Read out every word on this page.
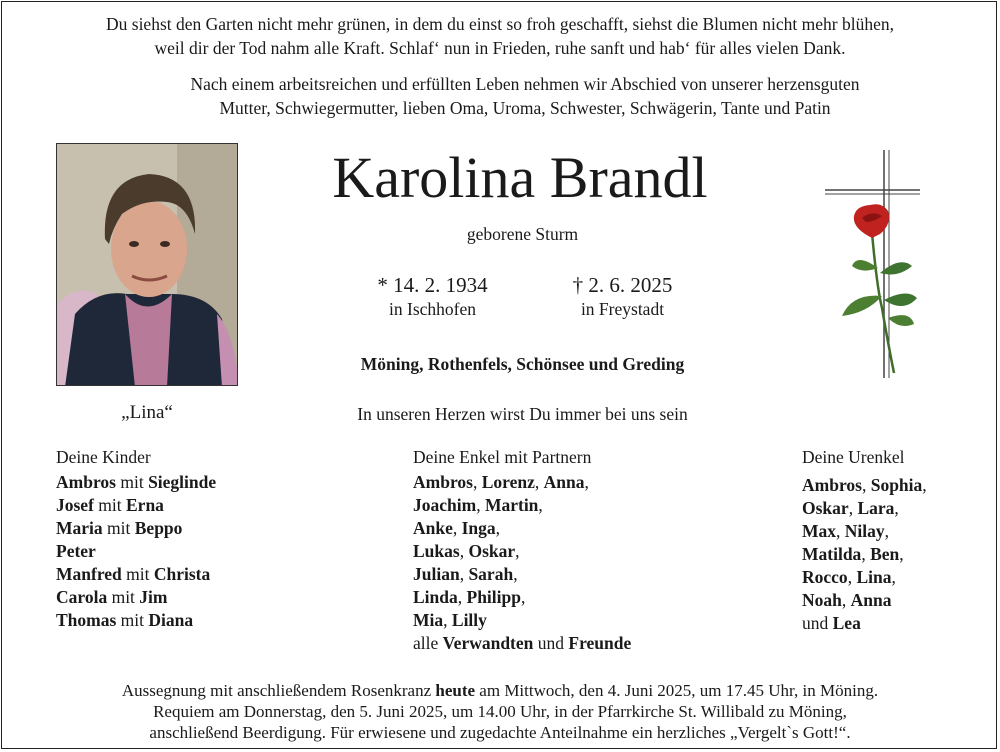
Du siehst den Garten nicht mehr grünen, in dem du einst so froh geschafft, siehst die Blumen nicht mehr blühen,
weil dir der Tod nahm alle Kraft. Schlaf‘ nun in Frieden, ruhe sanft und hab‘ für alles vielen Dank.
Nach einem arbeitsreichen und erfüllten Leben nehmen wir Abschied von unserer herzensguten
Mutter, Schwiegermutter, lieben Oma, Uroma, Schwester, Schwägerin, Tante und Patin
Karolina Brandl
geborene Sturm
* 14. 2. 1934
in Ischhofen
† 2. 6. 2025
in Freystadt
Möning, Rothenfels, Schönsee und Greding
„Lina“	In unseren Herzen wirst Du immer bei uns sein
Deine Kinder
Ambros mit Sieglinde
Josef mit Erna
Maria mit Beppo
Peter
Manfred mit Christa
Carola mit Jim
Thomas mit Diana
Deine Enkel mit Partnern
Ambros, Lorenz, Anna,
Joachim, Martin,
Anke, Inga,
Lukas, Oskar,
Julian, Sarah,
Linda, Philipp,
Mia, Lilly
alle Verwandten und Freunde
Deine Urenkel
Ambros, Sophia,
Oskar, Lara,
Max, Nilay,
Matilda, Ben,
Rocco, Lina,
Noah, Anna
und Lea
Aussegnung mit anschließendem Rosenkranz heute am Mittwoch, den 4. Juni 2025, um 17.45 Uhr, in Möning.
Requiem am Donnerstag, den 5. Juni 2025, um 14.00 Uhr, in der Pfarrkirche St. Willibald zu Möning,
anschließend Beerdigung. Für erwiesene und zugedachte Anteilnahme ein herzliches „Vergelt`s Gott!“.
